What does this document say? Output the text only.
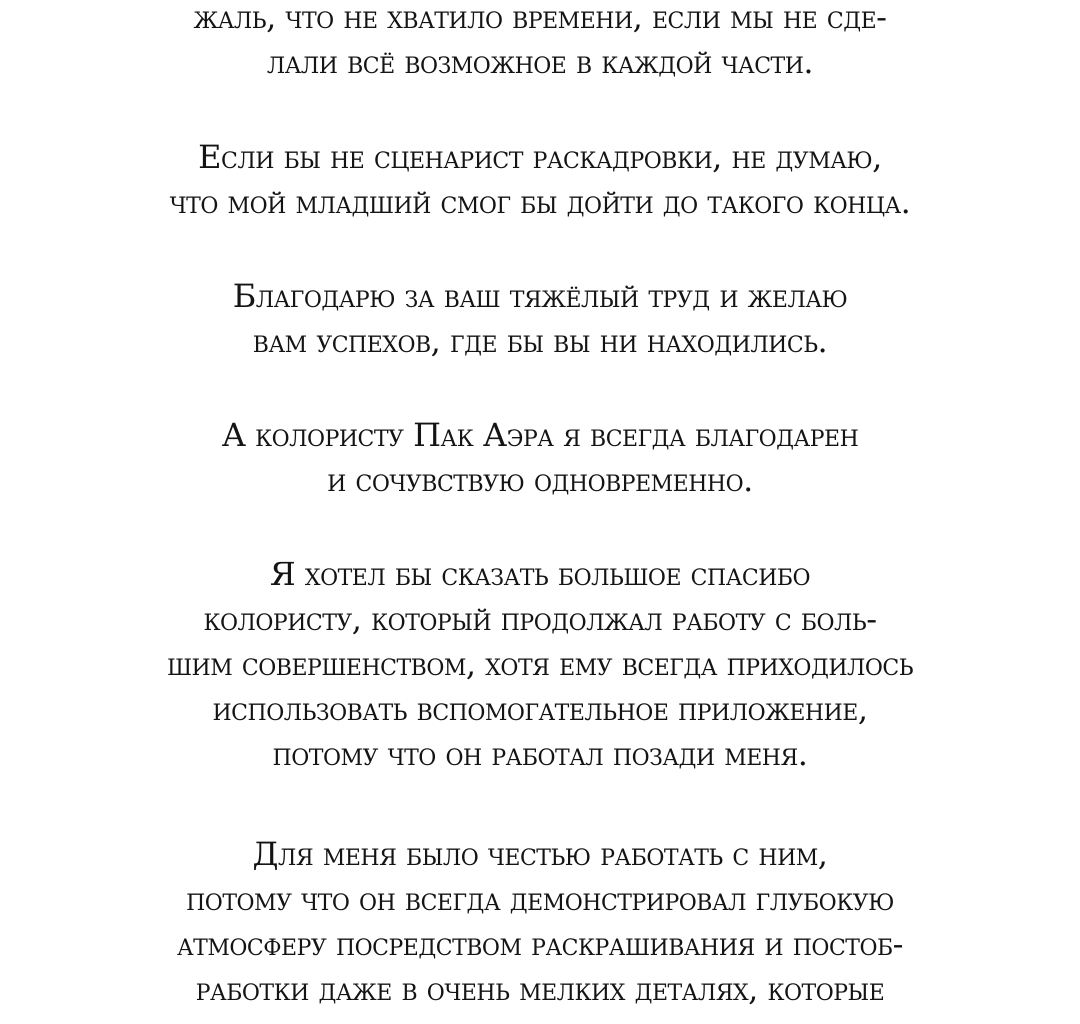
жаль, что не хватило времени, если мы не сде-
лали всё возможное в каждой части.
Если бы не сценарист раскадровки, не думаю,
что мой младший смог бы дойти до такого конца.
Благодарю за ваш тяжёлый труд и желаю
вам успехов, где бы вы ни находились.
А колористу Пак Аэра я всегда благодарен
и сочувствую одновременно.
Я хотел бы сказать большое спасибо
колористу, который продолжал работу с боль-
шим совершенством, хотя ему всегда приходилось
использовать вспомогательное приложение,
потому что он работал позади меня.
Для меня было честью работать с ним,
потому что он всегда демонстрировал глубокую
атмосферу посредством раскрашивания и постоб-
работки даже в очень мелких деталях, которые
